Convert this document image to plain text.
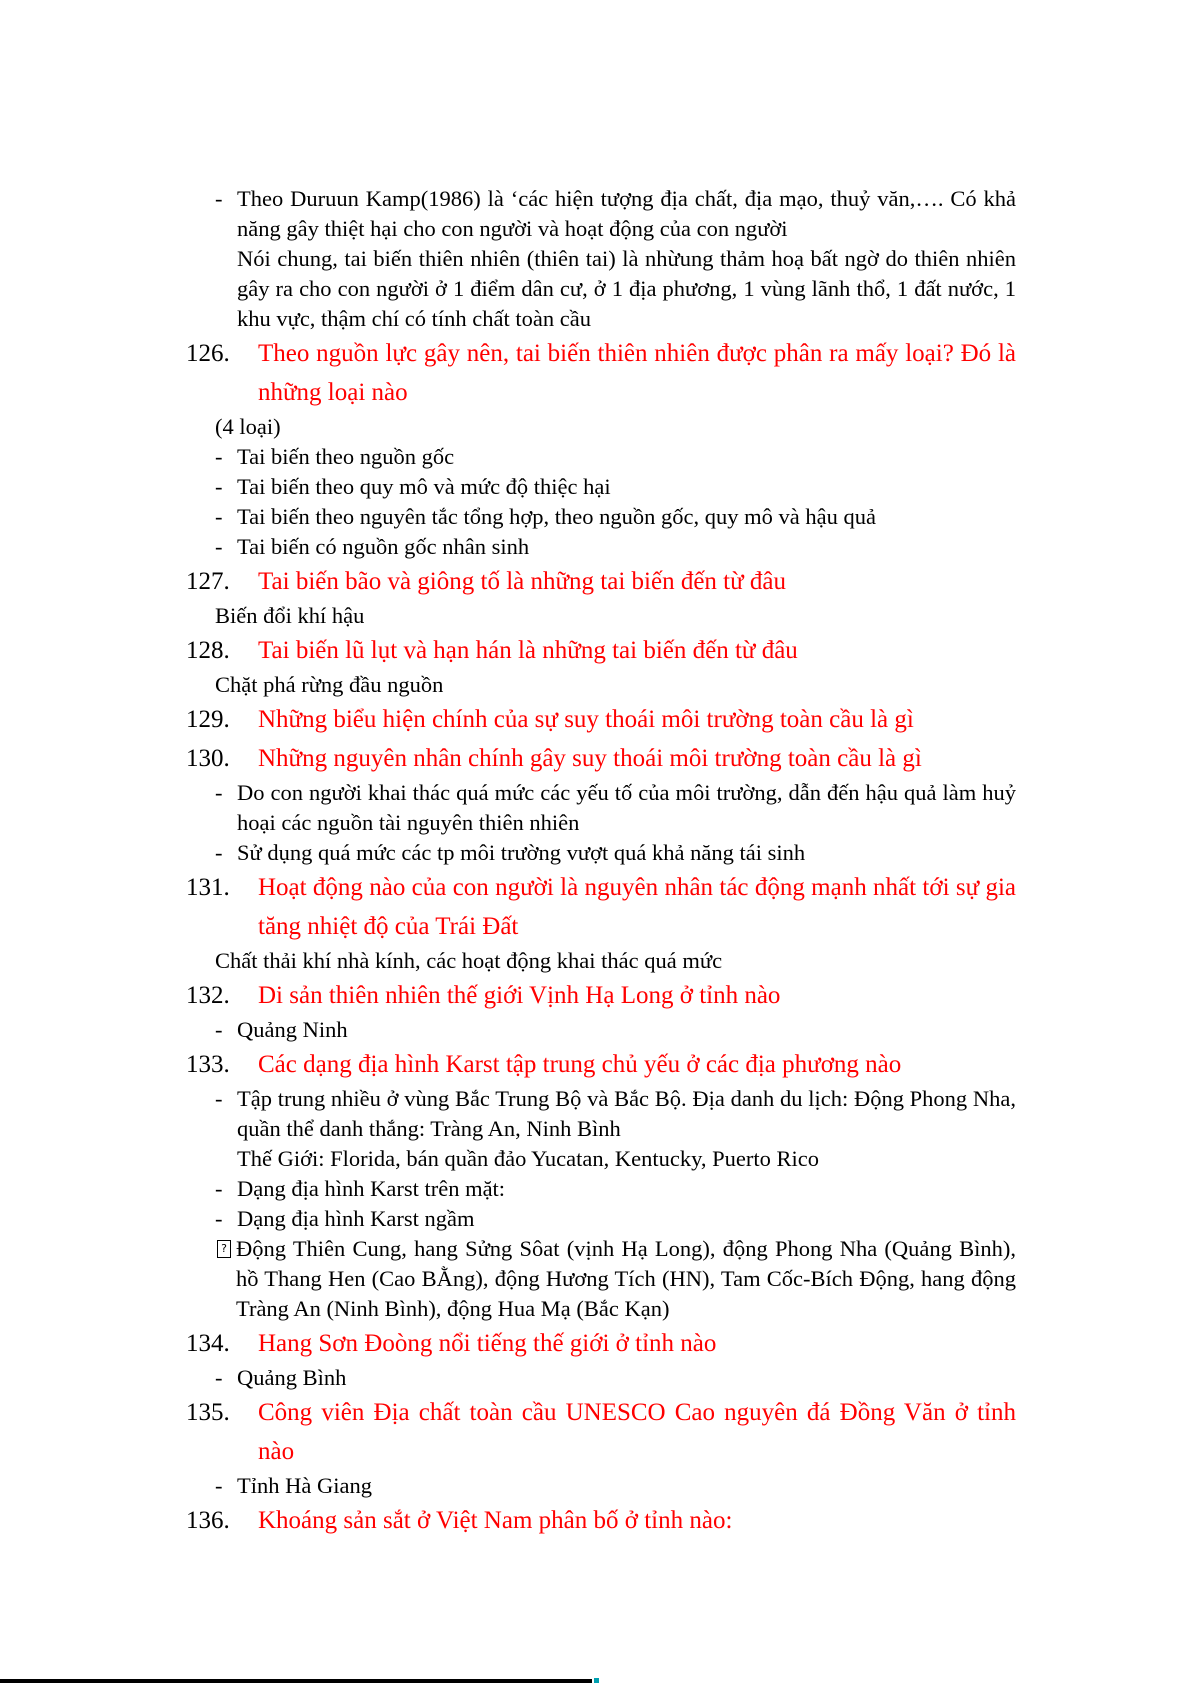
- Theo Duruun Kamp(1986) là ‘các hiện tượng địa chất, địa mạo, thuỷ văn,…. Có khả năng gây thiệt hại cho con người và hoạt động của con người
Nói chung, tai biến thiên nhiên (thiên tai) là nhừung thảm hoạ bất ngờ do thiên nhiên gây ra cho con người ở 1 điểm dân cư, ở 1 địa phương, 1 vùng lãnh thổ, 1 đất nước, 1 khu vực, thậm chí có tính chất toàn cầu
126.	Theo nguồn lực gây nên, tai biến thiên nhiên được phân ra mấy loại? Đó là những loại nào
(4 loại)
- Tai biến theo nguồn gốc
- Tai biến theo quy mô và mức độ thiệc hại
- Tai biến theo nguyên tắc tổng hợp, theo nguồn gốc, quy mô và hậu quả
- Tai biến có nguồn gốc nhân sinh
127.	Tai biến bão và giông tố là những tai biến đến từ đâu
Biến đổi khí hậu
128.	Tai biến lũ lụt và hạn hán là những tai biến đến từ đâu
Chặt phá rừng đầu nguồn
129.	Những biểu hiện chính của sự suy thoái môi trường toàn cầu là gì
130.	Những nguyên nhân chính gây suy thoái môi trường toàn cầu là gì
- Do con người khai thác quá mức các yếu tố của môi trường, dẫn đến hậu quả làm huỷ hoại các nguồn tài nguyên thiên nhiên
- Sử dụng quá mức các tp môi trường vượt quá khả năng tái sinh
131.	Hoạt động nào của con người là nguyên nhân tác động mạnh nhất tới sự gia tăng nhiệt độ của Trái Đất
Chất thải khí nhà kính, các hoạt động khai thác quá mức
132.	Di sản thiên nhiên thế giới Vịnh Hạ Long ở tỉnh nào
- Quảng Ninh
133.	Các dạng địa hình Karst tập trung chủ yếu ở các địa phương nào
- Tập trung nhiều ở vùng Bắc Trung Bộ và Bắc Bộ. Địa danh du lịch: Động Phong Nha, quần thể danh thắng: Tràng An, Ninh Bình
Thế Giới: Florida, bán quần đảo Yucatan, Kentucky, Puerto Rico
- Dạng địa hình Karst trên mặt:
- Dạng địa hình Karst ngầm
? Động Thiên Cung, hang Sửng Sôat (vịnh Hạ Long), động Phong Nha (Quảng Bình), hồ Thang Hen (Cao BẰng), động Hương Tích (HN), Tam Cốc-Bích Động, hang động Tràng An (Ninh Bình), động Hua Mạ (Bắc Kạn)
134.	Hang Sơn Đoòng nổi tiếng thế giới ở tỉnh nào
- Quảng Bình
135.	Công viên Địa chất toàn cầu UNESCO Cao nguyên đá Đồng Văn ở tỉnh nào
- Tỉnh Hà Giang
136.	Khoáng sản sắt ở Việt Nam phân bố ở tỉnh nào:
